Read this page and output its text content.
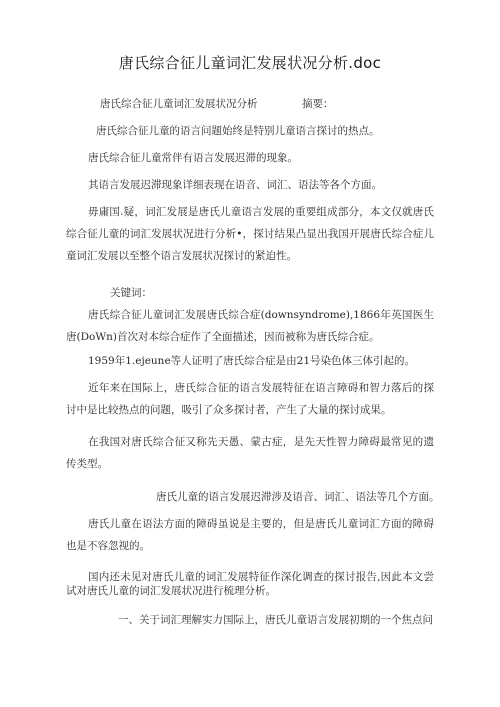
唐氏综合征儿童词汇发展状况分析.doc
唐氏综合征儿童词汇发展状况分析	摘要：
唐氏综合征儿童的语言问题始终是特别儿童语言探讨的热点。
唐氏综合征儿童常伴有语言发展迟滞的现象。
其语言发展迟滞现象详细表现在语音、词汇、语法等各个方面。
毋庸国.疑，词汇发展是唐氏儿童语言发展的重要组成部分，本文仅就唐氏综合征儿童的词汇发展状况进行分析•，探讨结果凸显出我国开展唐氏综合症儿童词汇发展以至整个语言发展状况探讨的紧迫性。
关键词：
唐氏综合征儿童词汇发展唐氏综合症(downsyndrome),1866年英国医生唐(DoWn)首次对本综合症作了全面描述，因而被称为唐氏综合症。
1959年1.ejeune等人证明了唐氏综合症是由21号染色体三体引起的。
近年来在国际上，唐氏综合征的语言发展特征在语言障碍和智力落后的探讨中是比较热点的问题，吸引了众多探讨者，产生了大量的探讨成果。
在我国对唐氏综合征又称先天愚、蒙古症，是先天性智力障碍最常见的遗传类型。
唐氏儿童的语言发展迟滞涉及语音、词汇、语法等几个方面。
唐氏儿童在语法方面的障碍虽说是主要的，但是唐氏儿童词汇方面的障碍也是不容忽视的。
国内还未见对唐氏儿童的词汇发展特征作深化调查的探讨报告,因此本文尝试对唐氏儿童的词汇发展状况进行梳理分析。
一、关于词汇理解实力国际上，唐氏儿童语言发展初期的一个焦点问
